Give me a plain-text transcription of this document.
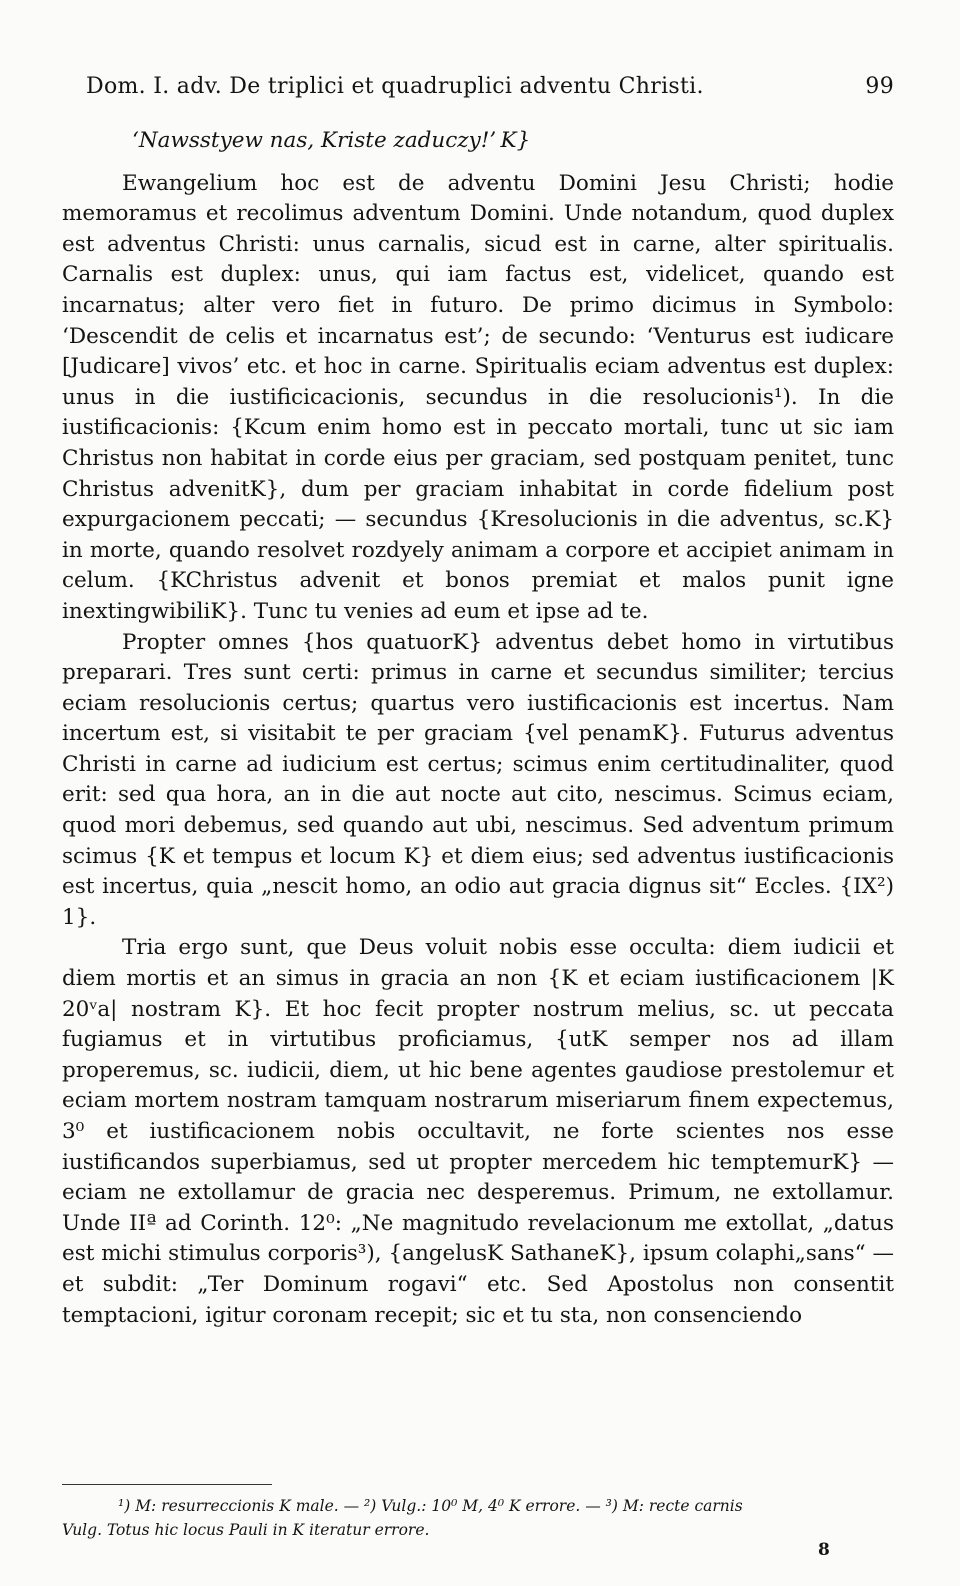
Dom. I. adv. De triplici et quadruplici adventu Christi.	99

‘Nawsstyew nas, Kriste zaduczy!’ K}

Ewangelium hoc est de adventu Domini Jesu Christi; hodie memoramus et recolimus adventum Domini. Unde notandum, quod duplex est adventus Christi: unus carnalis, sicud est in carne, alter spiritualis. Carnalis est duplex: unus, qui iam factus est, videlicet, quando est incarnatus; alter vero fiet in futuro. De primo dicimus in Symbolo: ‘Descendit de celis et incarnatus est’; de secundo: ‘Venturus est iudicare [Judicare] vivos’ etc. et hoc in carne. Spiritualis eciam adventus est duplex: unus in die iustificicacionis, secundus in die resolucionis¹). In die iustificacionis: {Kcum enim homo est in peccato mortali, tunc ut sic iam Christus non habitat in corde eius per graciam, sed postquam penitet, tunc Christus advenitK}, dum per graciam inhabitat in corde fidelium post expurgacionem peccati; — secundus {Kresolucionis in die adventus, sc.K} in morte, quando resolvet rozdyely animam a corpore et accipiet animam in celum. {KChristus advenit et bonos premiat et malos punit igne inextingwibiliK}. Tunc tu venies ad eum et ipse ad te.

Propter omnes {hos quatuorK} adventus debet homo in virtutibus preparari. Tres sunt certi: primus in carne et secundus similiter; tercius eciam resolucionis certus; quartus vero iustificacionis est incertus. Nam incertum est, si visitabit te per graciam {vel penamK}. Futurus adventus Christi in carne ad iudicium est certus; scimus enim certitudinaliter, quod erit: sed qua hora, an in die aut nocte aut cito, nescimus. Scimus eciam, quod mori debemus, sed quando aut ubi, nescimus. Sed adventum primum scimus {K et tempus et locum K} et diem eius; sed adventus iustificacionis est incertus, quia „nescit homo, an odio aut gracia dignus sit“ Eccles. {IX²) 1}.

Tria ergo sunt, que Deus voluit nobis esse occulta: diem iudicii et diem mortis et an simus in gracia an non {K et eciam iustificacionem |K 20ᵛa| nostram K}. Et hoc fecit propter nostrum melius, sc. ut peccata fugiamus et in virtutibus proficiamus, {utK semper nos ad illam properemus, sc. iudicii, diem, ut hic bene agentes gaudiose prestolemur et eciam mortem nostram tamquam nostrarum miseriarum finem expectemus, 3⁰ et iustificacionem nobis occultavit, ne forte scientes nos esse iustificandos superbiamus, sed ut propter mercedem hic temptemurK} — eciam ne extollamur de gracia nec desperemus. Primum, ne extollamur. Unde IIª ad Corinth. 12⁰: „Ne magnitudo revelacionum me extollat, „datus est michi stimulus corporis³), {angelusK SathaneK}, ipsum colaphi„sans“ — et subdit: „Ter Dominum rogavi“ etc. Sed Apostolus non consentit temptacioni, igitur coronam recepit; sic et tu sta, non consenciendo

¹) M: resurreccionis K male. — ²) Vulg.: 10⁰ M, 4⁰ K errore. — ³) M: recte carnis

Vulg. Totus hic locus Pauli in K iteratur errore.

8
